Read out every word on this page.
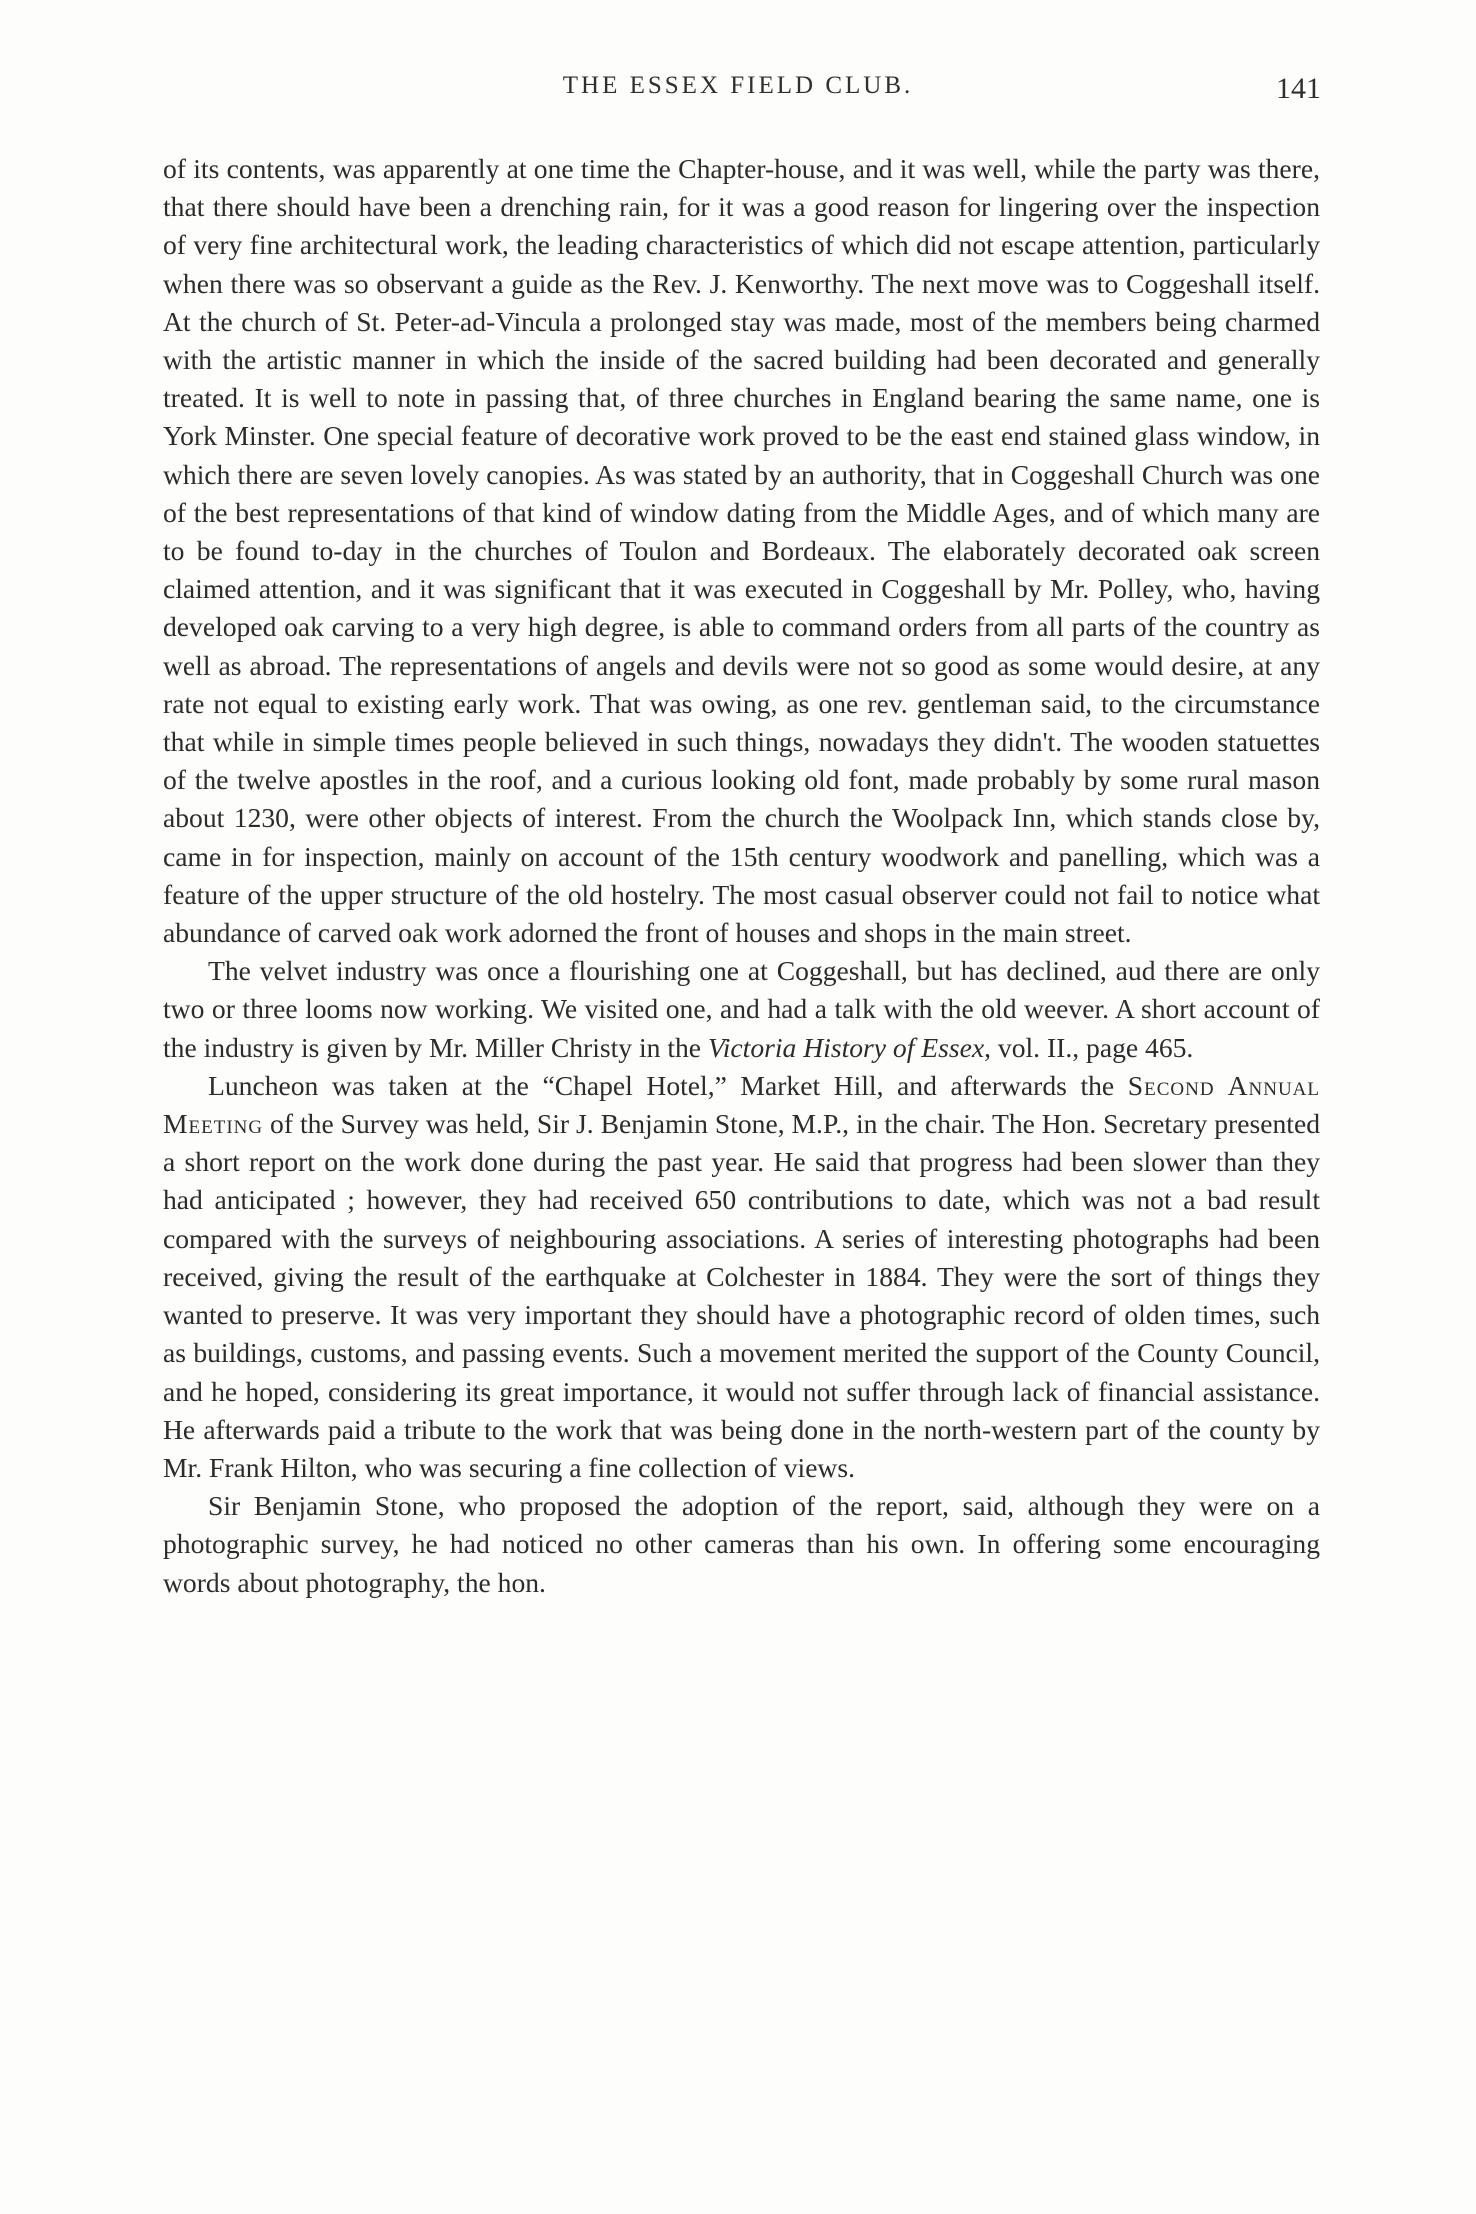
THE ESSEX FIELD CLUB.	141

of its contents, was apparently at one time the Chapter-house, and it was well, while the party was there, that there should have been a drenching rain, for it was a good reason for lingering over the inspection of very fine architectural work, the leading characteristics of which did not escape attention, particularly when there was so observant a guide as the Rev. J. Kenworthy. The next move was to Coggeshall itself. At the church of St. Peter-ad-Vincula a prolonged stay was made, most of the members being charmed with the artistic manner in which the inside of the sacred building had been decorated and generally treated. It is well to note in passing that, of three churches in England bearing the same name, one is York Minster. One special feature of decorative work proved to be the east end stained glass window, in which there are seven lovely canopies. As was stated by an authority, that in Coggeshall Church was one of the best representations of that kind of window dating from the Middle Ages, and of which many are to be found to-day in the churches of Toulon and Bordeaux. The elaborately decorated oak screen claimed attention, and it was significant that it was executed in Coggeshall by Mr. Polley, who, having developed oak carving to a very high degree, is able to command orders from all parts of the country as well as abroad. The representations of angels and devils were not so good as some would desire, at any rate not equal to existing early work. That was owing, as one rev. gentleman said, to the circumstance that while in simple times people believed in such things, nowadays they didn't. The wooden statuettes of the twelve apostles in the roof, and a curious looking old font, made probably by some rural mason about 1230, were other objects of interest. From the church the Woolpack Inn, which stands close by, came in for inspection, mainly on account of the 15th century woodwork and panelling, which was a feature of the upper structure of the old hostelry. The most casual observer could not fail to notice what abundance of carved oak work adorned the front of houses and shops in the main street.

The velvet industry was once a flourishing one at Coggeshall, but has declined, aud there are only two or three looms now working. We visited one, and had a talk with the old weever. A short account of the industry is given by Mr. Miller Christy in the Victoria History of Essex, vol. II., page 465.

Luncheon was taken at the “Chapel Hotel,” Market Hill, and afterwards the Second Annual Meeting of the Survey was held, Sir J. Benjamin Stone, M.P., in the chair. The Hon. Secretary presented a short report on the work done during the past year. He said that progress had been slower than they had anticipated ; however, they had received 650 contributions to date, which was not a bad result compared with the surveys of neighbouring associations. A series of interesting photographs had been received, giving the result of the earthquake at Colchester in 1884. They were the sort of things they wanted to preserve. It was very important they should have a photographic record of olden times, such as buildings, customs, and passing events. Such a movement merited the support of the County Council, and he hoped, considering its great importance, it would not suffer through lack of financial assistance. He afterwards paid a tribute to the work that was being done in the north-western part of the county by Mr. Frank Hilton, who was securing a fine collection of views.

Sir Benjamin Stone, who proposed the adoption of the report, said, although they were on a photographic survey, he had noticed no other cameras than his own. In offering some encouraging words about photography, the hon.
